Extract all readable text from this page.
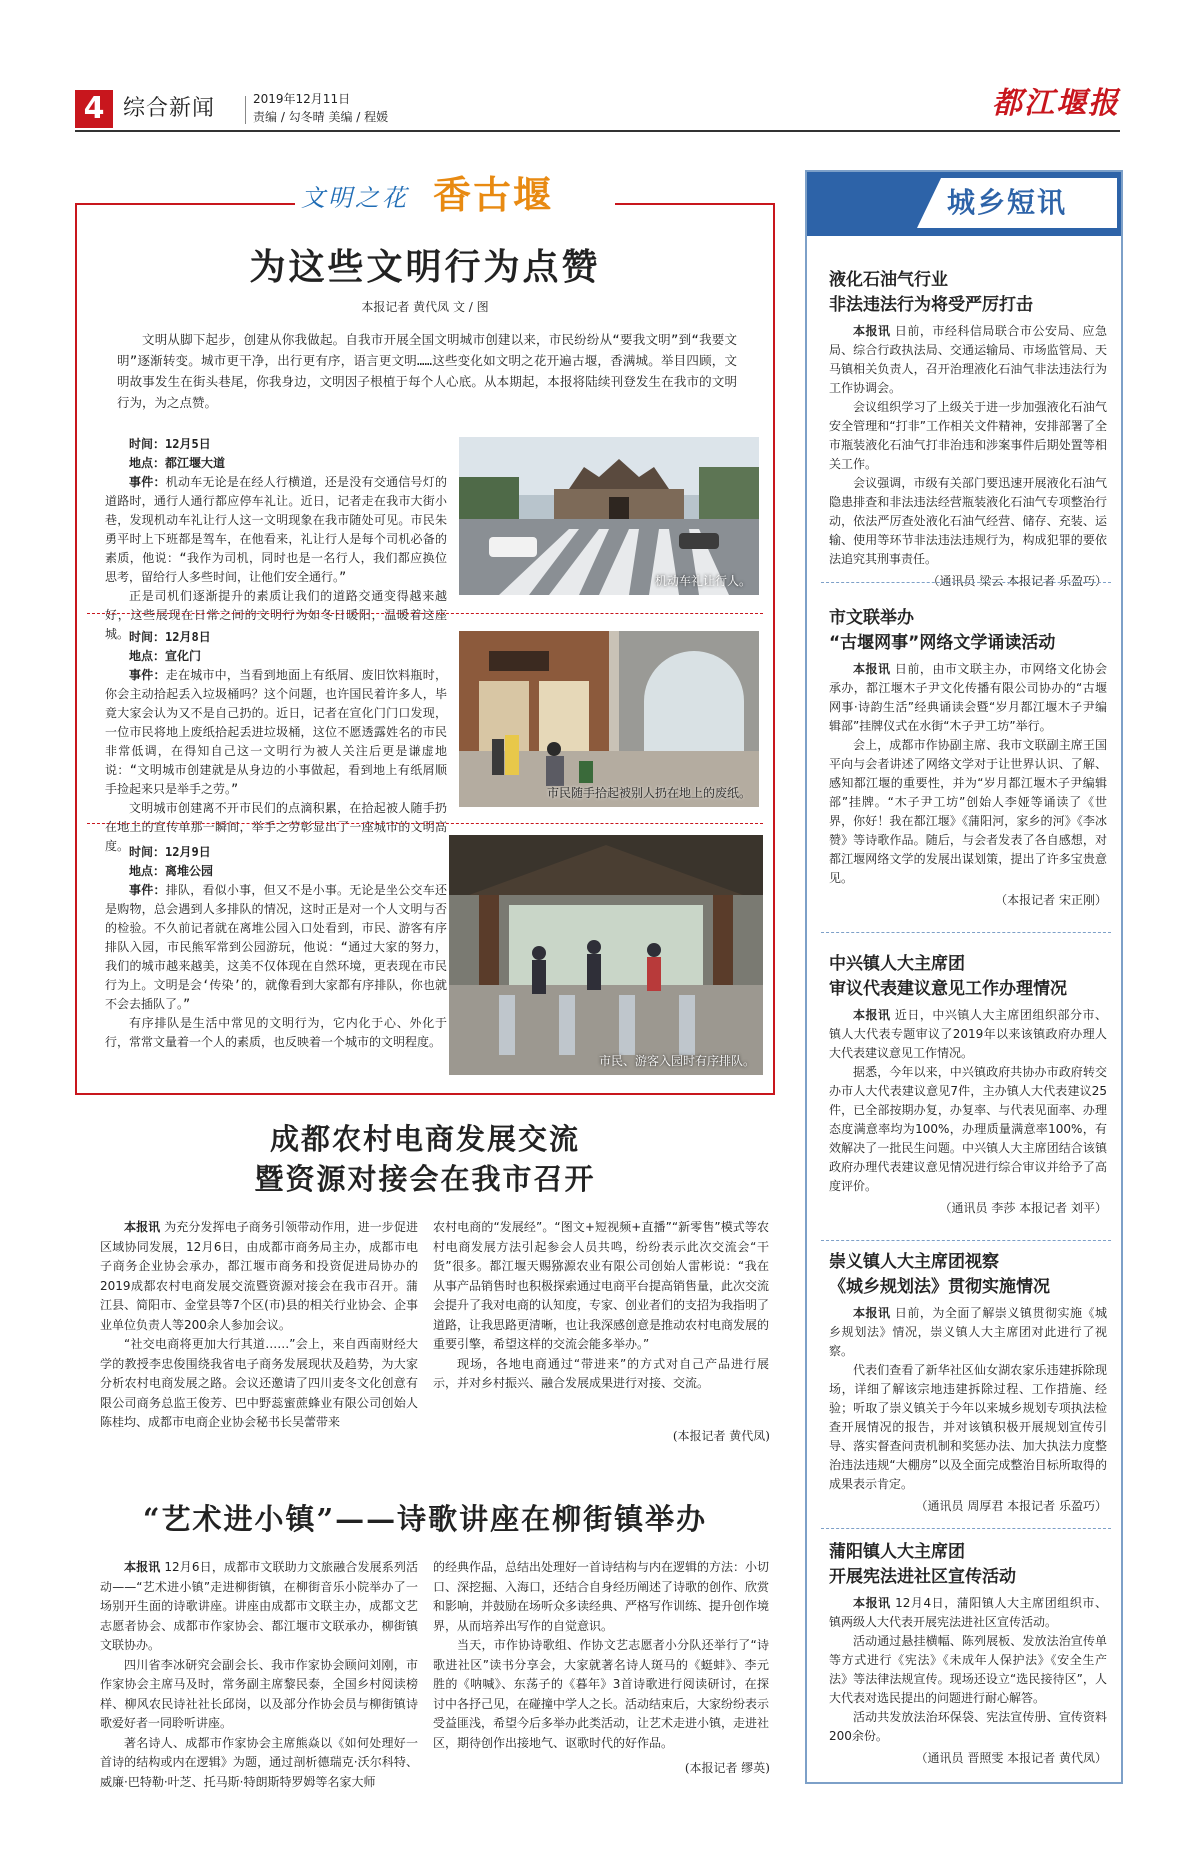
4 综合新闻	2019年12月11日
责编 / 勾冬晴 美编 / 程媛	都江堰报
文明之花 香古堰
为这些文明行为点赞
本报记者 黄代凤 文 / 图
文明从脚下起步，创建从你我做起。自我市开展全国文明城市创建以来，市民纷纷从“要我文明”到“我要文明”逐渐转变。城市更干净，出行更有序，语言更文明……这些变化如文明之花开遍古堰，香满城。举目四顾，文明故事发生在街头巷尾，你我身边，文明因子根植于每个人心底。从本期起，本报将陆续刊登发生在我市的文明行为，为之点赞。

时间：12月5日

地点：都江堰大道

事件：机动车无论是在经人行横道，还是没有交通信号灯的道路时，通行人通行都应停车礼让。近日，记者走在我市大街小巷，发现机动车礼让行人这一文明现象在我市随处可见。市民朱勇平时上下班都是驾车，在他看来，礼让行人是每个司机必备的素质，他说：“我作为司机，同时也是一名行人，我们都应换位思考，留给行人多些时间，让他们安全通行。”

正是司机们逐渐提升的素质让我们的道路交通变得越来越好，这些展现在日常之间的文明行为如冬日暖阳，温暖着这座城。

机动车礼让行人。

时间：12月8日

地点：宣化门

事件：走在城市中，当看到地面上有纸屑、废旧饮料瓶时，你会主动拾起丢入垃圾桶吗？这个问题，也许国民着许多人，毕竟大家会认为又不是自己扔的。近日，记者在宣化门门口发现，一位市民将地上废纸拾起丢进垃圾桶，这位不愿透露姓名的市民非常低调，在得知自己这一文明行为被人关注后更是谦虚地说：“文明城市创建就是从身边的小事做起，看到地上有纸屑顺手捡起来只是举手之劳。”

文明城市创建离不开市民们的点滴积累，在拾起被人随手扔在地上的宣传单那一瞬间，举手之劳彰显出了一座城市的文明高度。

市民随手拾起被别人扔在地上的废纸。

时间：12月9日

地点：离堆公园

事件：排队，看似小事，但又不是小事。无论是坐公交车还是购物，总会遇到人多排队的情况，这时正是对一个人文明与否的检验。不久前记者就在离堆公园入口处看到，市民、游客有序排队入园，市民熊军常到公园游玩，他说：“通过大家的努力，我们的城市越来越美，这美不仅体现在自然环境，更表现在市民行为上。文明是会‘传染’的，就像看到大家都有序排队，你也就不会去插队了。”

有序排队是生活中常见的文明行为，它内化于心、外化于行，常常文量着一个人的素质，也反映着一个城市的文明程度。

市民、游客入园时有序排队。
成都农村电商发展交流
暨资源对接会在我市召开

本报讯 为充分发挥电子商务引领带动作用，进一步促进区域协同发展，12月6日，由成都市商务局主办，成都市电子商务企业协会承办，都江堰市商务和投资促进局协办的2019成都农村电商发展交流暨资源对接会在我市召开。蒲江县、简阳市、金堂县等7个区(市)县的相关行业协会、企事业单位负责人等200余人参加会议。

“社交电商将更加大行其道……”会上，来自西南财经大学的教授李忠俊围绕我省电子商务发展现状及趋势，为大家分析农村电商发展之路。会议还邀请了四川麦冬文化创意有限公司商务总监王俊芳、巴中野蕊蜜蔗蜂业有限公司创始人陈桂均、成都市电商企业协会秘书长吴蕾带来

农村电商的“发展经”。“图文+短视频+直播”“新零售”模式等农村电商发展方法引起参会人员共鸣，纷纷表示此次交流会“干货”很多。都江堰天赐猕源农业有限公司创始人雷彬说：“我在从事产品销售时也积极探索通过电商平台提高销售量，此次交流会提升了我对电商的认知度，专家、创业者们的支招为我指明了道路，让我思路更清晰，也让我深感创意是推动农村电商发展的重要引擎，希望这样的交流会能多举办。”

现场，各地电商通过“带进来”的方式对自己产品进行展示，并对乡村振兴、融合发展成果进行对接、交流。

(本报记者 黄代凤)
“艺术进小镇”——诗歌讲座在柳街镇举办

本报讯 12月6日，成都市文联助力文旅融合发展系列活动——“艺术进小镇”走进柳街镇，在柳街音乐小院举办了一场别开生面的诗歌讲座。讲座由成都市文联主办，成都文艺志愿者协会、成都市作家协会、都江堰市文联承办，柳街镇文联协办。

四川省李冰研究会副会长、我市作家协会顾问刘刚，市作家协会主席马及时，常务副主席黎民泰，全国乡村阅读榜样、柳风农民诗社社长邱岗，以及部分作协会员与柳街镇诗歌爱好者一同聆听讲座。

著名诗人、成都市作家协会主席熊焱以《如何处理好一首诗的结构或内在逻辑》为题，通过剖析德瑞克·沃尔科特、威廉·巴特勒·叶芝、托马斯·特朗斯特罗姆等名家大师

的经典作品，总结出处理好一首诗结构与内在逻辑的方法：小切口、深挖掘、入海口，还结合自身经历阐述了诗歌的创作、欣赏和影响，并鼓励在场听众多读经典、严格写作训练、提升创作境界，从而培养出写作的自觉意识。

当天，市作协诗歌组、作协文艺志愿者小分队还举行了“诗歌进社区”读书分享会，大家就著名诗人斑马的《蜓蚌》、李元胜的《呐喊》、东荡子的《暮年》3首诗歌进行阅读研讨，在探讨中各抒己见，在碰撞中学人之长。活动结束后，大家纷纷表示受益匪浅，希望今后多举办此类活动，让艺术走进小镇，走进社区，期待创作出接地气、讴歌时代的好作品。

(本报记者 缪英)
城乡短讯
液化石油气行业
非法违法行为将受严厉打击

本报讯 日前，市经科信局联合市公安局、应急局、综合行政执法局、交通运输局、市场监管局、天马镇相关负责人，召开治理液化石油气非法违法行为工作协调会。

会议组织学习了上级关于进一步加强液化石油气安全管理和“打非”工作相关文件精神，安排部署了全市瓶装液化石油气打非治违和涉案事件后期处置等相关工作。

会议强调，市级有关部门要迅速开展液化石油气隐患排查和非法违法经营瓶装液化石油气专项整治行动，依法严厉查处液化石油气经营、储存、充装、运输、使用等环节非法违法违规行为，构成犯罪的要依法追究其刑事责任。

（通讯员 梁云 本报记者 乐盈巧）
市文联举办
“古堰网事”网络文学诵读活动

本报讯 日前，由市文联主办，市网络文化协会承办，都江堰木子尹文化传播有限公司协办的“古堰网事·诗韵生活”经典诵读会暨“岁月都江堰木子尹编辑部”挂牌仪式在水街“木子尹工坊”举行。

会上，成都市作协副主席、我市文联副主席王国平向与会者讲述了网络文学对于让世界认识、了解、感知都江堰的重要性，并为“岁月都江堰木子尹编辑部”挂牌。“木子尹工坊”创始人李娅等诵读了《世界，你好！我在都江堰》《蒲阳河，家乡的河》《李冰赞》等诗歌作品。随后，与会者发表了各自感想，对都江堰网络文学的发展出谋划策，提出了许多宝贵意见。

（本报记者 宋正刚）
中兴镇人大主席团
审议代表建议意见工作办理情况

本报讯 近日，中兴镇人大主席团组织部分市、镇人大代表专题审议了2019年以来该镇政府办理人大代表建议意见工作情况。

据悉，今年以来，中兴镇政府共协办市政府转交办市人大代表建议意见7件，主办镇人大代表建议25件，已全部按期办复，办复率、与代表见面率、办理态度满意率均为100%，办理质量满意率100%，有效解决了一批民生问题。中兴镇人大主席团结合该镇政府办理代表建议意见情况进行综合审议并给予了高度评价。

（通讯员 李莎 本报记者 刘平）
崇义镇人大主席团视察
《城乡规划法》贯彻实施情况

本报讯 日前，为全面了解崇义镇贯彻实施《城乡规划法》情况，崇义镇人大主席团对此进行了视察。

代表们查看了新华社区仙女湖农家乐违建拆除现场，详细了解该宗地违建拆除过程、工作措施、经验；听取了崇义镇关于今年以来城乡规划专项执法检查开展情况的报告，并对该镇积极开展规划宣传引导、落实督查问责机制和奖惩办法、加大执法力度整治违法违规“大棚房”以及全面完成整治目标所取得的成果表示肯定。

（通讯员 周厚君 本报记者 乐盈巧）
蒲阳镇人大主席团
开展宪法进社区宣传活动

本报讯 12月4日，蒲阳镇人大主席团组织市、镇两级人大代表开展宪法进社区宣传活动。

活动通过悬挂横幅、陈列展板、发放法治宣传单等方式进行《宪法》《未成年人保护法》《安全生产法》等法律法规宣传。现场还设立“选民接待区”，人大代表对选民提出的问题进行耐心解答。

活动共发放法治环保袋、宪法宣传册、宣传资料200余份。

（通讯员 晋照雯 本报记者 黄代凤）
